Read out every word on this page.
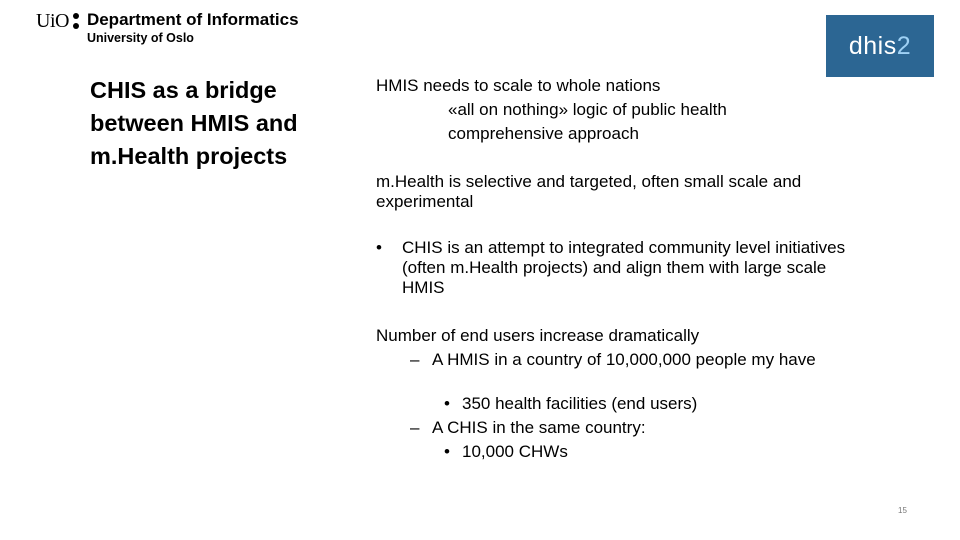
UiO Department of Informatics
University of Oslo	dhis 2
CHIS as a bridge between HMIS and m.Health projects
HMIS needs to scale to whole nations
«all on nothing» logic of public health
comprehensive approach
m.Health is selective and targeted, often small scale and experimental
•	CHIS is an attempt to integrated community level initiatives (often m.Health projects) and align them with large scale HMIS
Number of end users increase dramatically
– A HMIS in a country of 10,000,000 people my have
• 350 health facilities (end users)
– A CHIS in the same country:
• 10,000 CHWs
15
